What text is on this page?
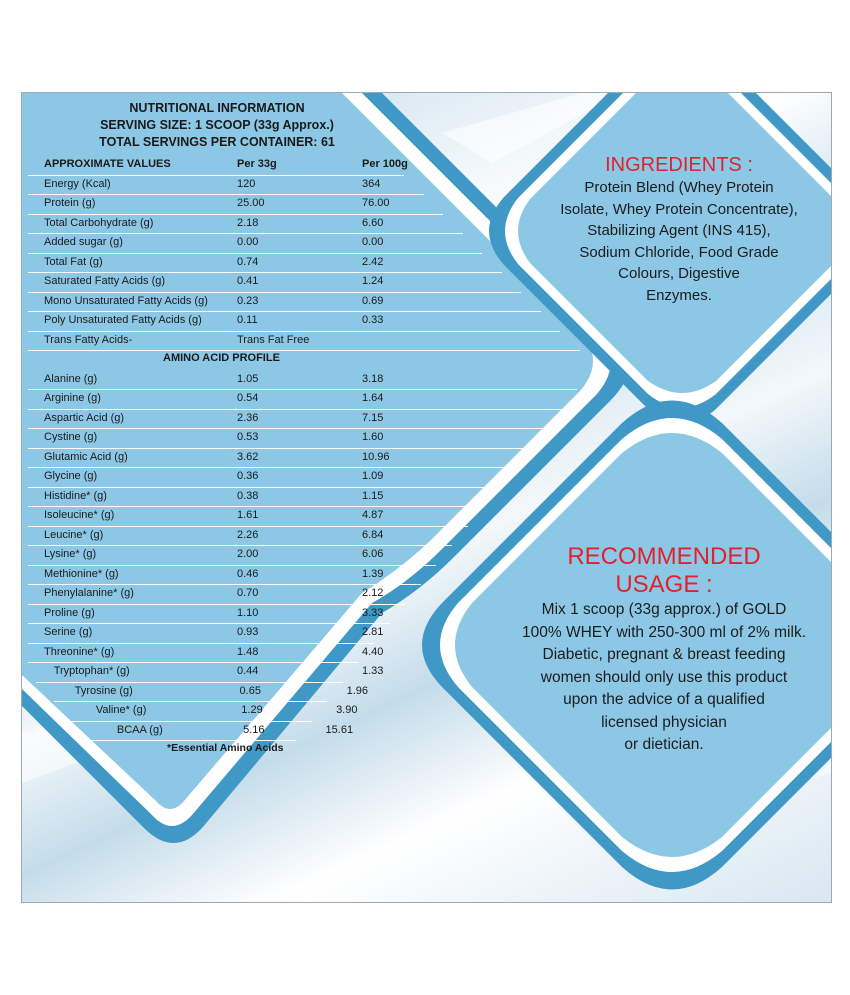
NUTRITIONAL INFORMATION
SERVING SIZE: 1 SCOOP (33g Approx.)
TOTAL SERVINGS PER CONTAINER: 61
APPROXIMATE VALUES	Per 33g	Per 100g
Energy (Kcal)	120	364
Protein (g)	25.00	76.00
Total Carbohydrate (g)	2.18	6.60
Added sugar (g)	0.00	0.00
Total Fat (g)	0.74	2.42
Saturated Fatty Acids (g)	0.41	1.24
Mono Unsaturated Fatty Acids (g)	0.23	0.69
Poly Unsaturated Fatty Acids (g)	0.11	0.33
Trans Fatty Acids-	Trans Fat Free
AMINO ACID PROFILE
Alanine (g)	1.05	3.18
Arginine (g)	0.54	1.64
Aspartic Acid (g)	2.36	7.15
Cystine (g)	0.53	1.60
Glutamic Acid (g)	3.62	10.96
Glycine (g)	0.36	1.09
Histidine* (g)	0.38	1.15
Isoleucine* (g)	1.61	4.87
Leucine* (g)	2.26	6.84
Lysine* (g)	2.00	6.06
Methionine* (g)	0.46	1.39
Phenylalanine* (g)	0.70	2.12
Proline (g)	1.10	3.33
Serine (g)	0.93	2.81
Threonine* (g)	1.48	4.40
Tryptophan* (g)	0.44	1.33
Tyrosine (g)	0.65	1.96
Valine* (g)	1.29	3.90
BCAA (g)	5.16	15.61
*Essential Amino Acids
INGREDIENTS :
Protein Blend (Whey Protein
Isolate, Whey Protein Concentrate),
Stabilizing Agent (INS 415),
Sodium Chloride, Food Grade
Colours, Digestive
Enzymes.
RECOMMENDED
USAGE :
Mix 1 scoop (33g approx.) of GOLD
100% WHEY with 250-300 ml of 2% milk.
Diabetic, pregnant & breast feeding
women should only use this product
upon the advice of a qualified
licensed physician
or dietician.
